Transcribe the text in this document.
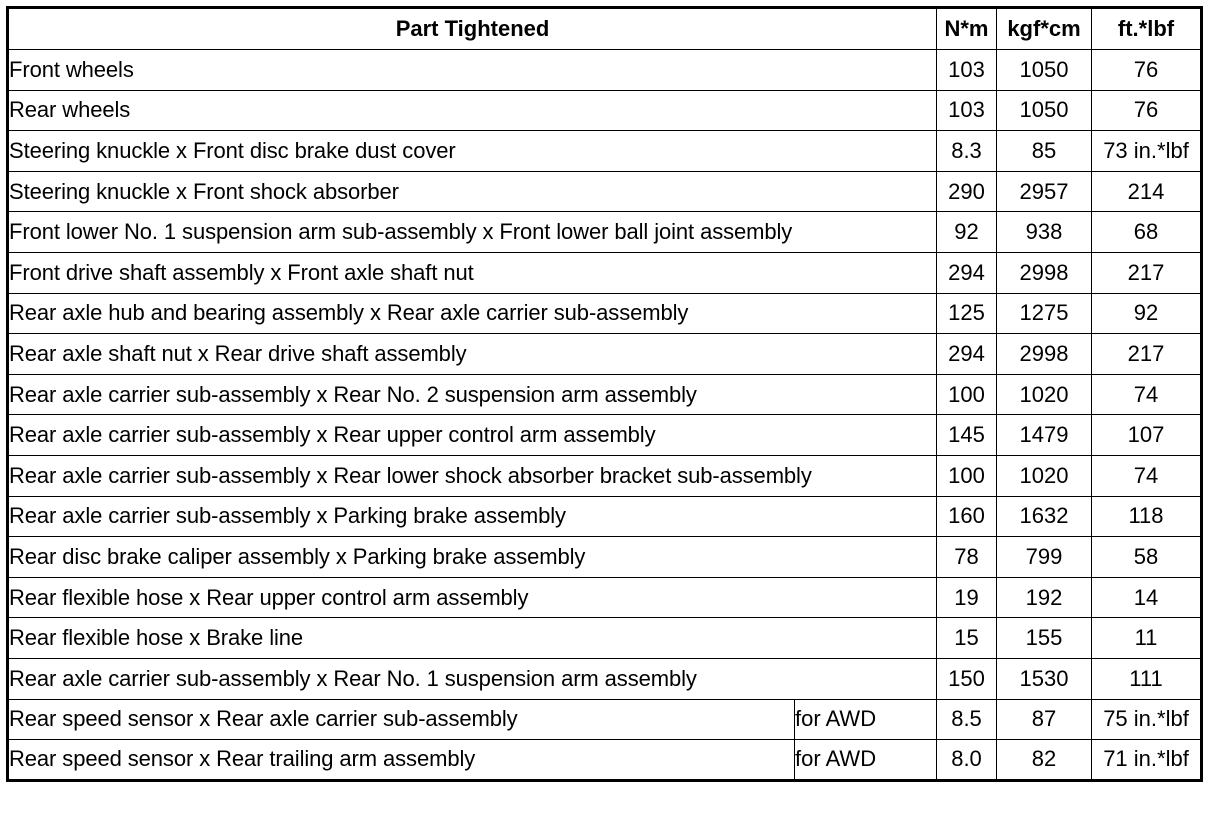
Part Tightened		N*m	kgf*cm	ft.*lbf
Front wheels		103	1050	76
Rear wheels		103	1050	76
Steering knuckle x Front disc brake dust cover		8.3	85	73 in.*lbf
Steering knuckle x Front shock absorber		290	2957	214
Front lower No. 1 suspension arm sub-assembly x Front lower ball joint assembly		92	938	68
Front drive shaft assembly x Front axle shaft nut		294	2998	217
Rear axle hub and bearing assembly x Rear axle carrier sub-assembly		125	1275	92
Rear axle shaft nut x Rear drive shaft assembly		294	2998	217
Rear axle carrier sub-assembly x Rear No. 2 suspension arm assembly		100	1020	74
Rear axle carrier sub-assembly x Rear upper control arm assembly		145	1479	107
Rear axle carrier sub-assembly x Rear lower shock absorber bracket sub-assembly		100	1020	74
Rear axle carrier sub-assembly x Parking brake assembly		160	1632	118
Rear disc brake caliper assembly x Parking brake assembly		78	799	58
Rear flexible hose x Rear upper control arm assembly		19	192	14
Rear flexible hose x Brake line		15	155	11
Rear axle carrier sub-assembly x Rear No. 1 suspension arm assembly		150	1530	111
Rear speed sensor x Rear axle carrier sub-assembly	for AWD	8.5	87	75 in.*lbf
Rear speed sensor x Rear trailing arm assembly	for AWD	8.0	82	71 in.*lbf
